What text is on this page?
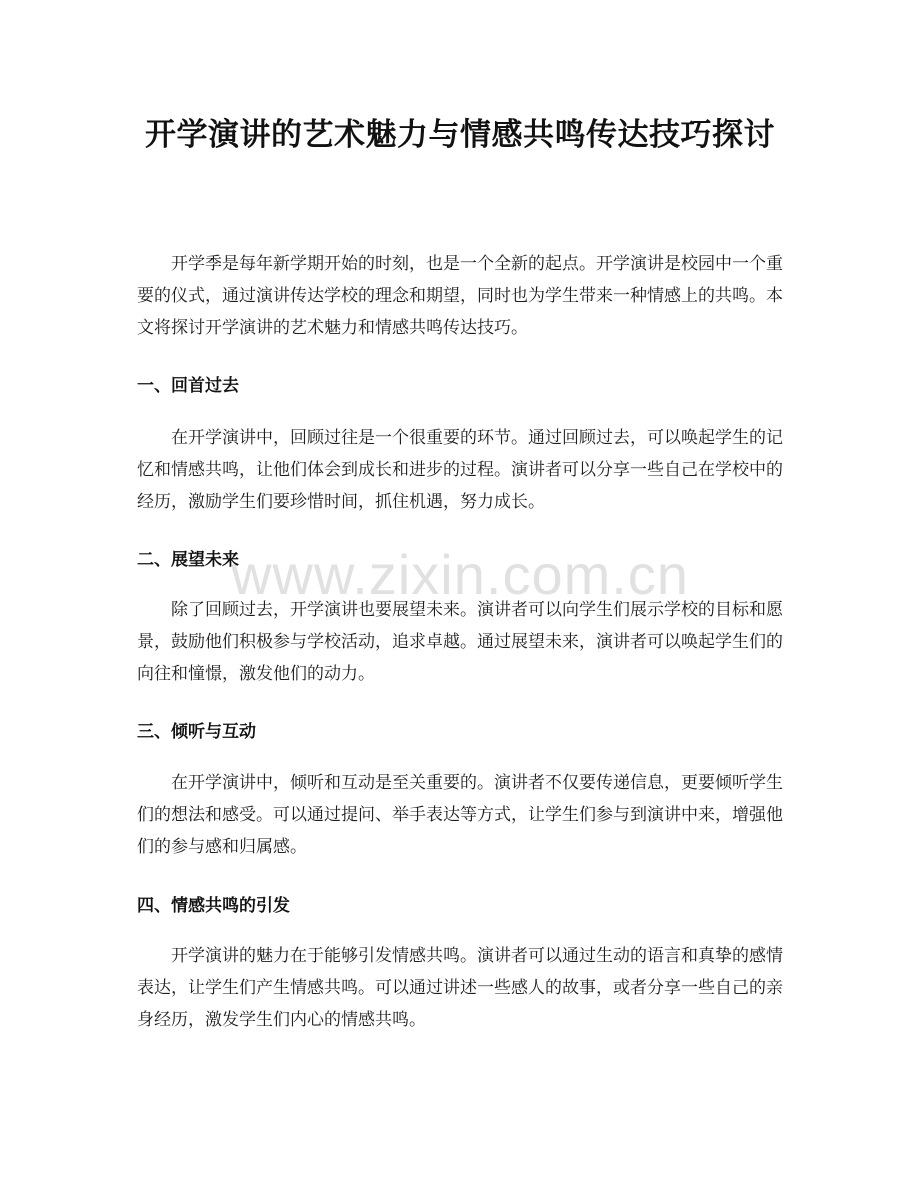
开学演讲的艺术魅力与情感共鸣传达技巧探讨

开学季是每年新学期开始的时刻，也是一个全新的起点。开学演讲是校园中一个重要的仪式，通过演讲传达学校的理念和期望，同时也为学生带来一种情感上的共鸣。本文将探讨开学演讲的艺术魅力和情感共鸣传达技巧。

一、回首过去

在开学演讲中，回顾过往是一个很重要的环节。通过回顾过去，可以唤起学生的记忆和情感共鸣，让他们体会到成长和进步的过程。演讲者可以分享一些自己在学校中的经历，激励学生们要珍惜时间，抓住机遇，努力成长。

二、展望未来

除了回顾过去，开学演讲也要展望未来。演讲者可以向学生们展示学校的目标和愿景，鼓励他们积极参与学校活动，追求卓越。通过展望未来，演讲者可以唤起学生们的向往和憧憬，激发他们的动力。

三、倾听与互动

在开学演讲中，倾听和互动是至关重要的。演讲者不仅要传递信息，更要倾听学生们的想法和感受。可以通过提问、举手表达等方式，让学生们参与到演讲中来，增强他们的参与感和归属感。

四、情感共鸣的引发

开学演讲的魅力在于能够引发情感共鸣。演讲者可以通过生动的语言和真挚的感情表达，让学生们产生情感共鸣。可以通过讲述一些感人的故事，或者分享一些自己的亲身经历，激发学生们内心的情感共鸣。

www.zixin.com.cn
